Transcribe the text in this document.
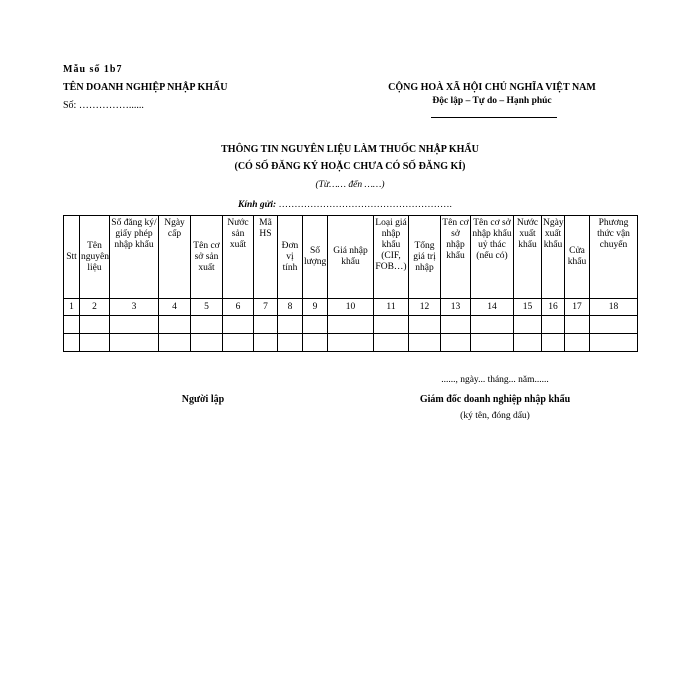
Mẫu số 1b7
TÊN DOANH NGHIỆP NHẬP KHẨU
Số: ……………......
CỘNG HOÀ XÃ HỘI CHỦ NGHĨA VIỆT NAM
Độc lập – Tự do – Hạnh phúc
THÔNG TIN NGUYÊN LIỆU LÀM THUỐC NHẬP KHẨU
(CÓ SỐ ĐĂNG KÝ HOẶC CHƯA CÓ SỐ ĐĂNG KÍ)
(Từ…… đến ……)
Kính gửi: ……………………………………………….
Stt	Tên nguyên liệu	Số đăng ký/ giấy phép nhập khẩu	Ngày cấp	Tên cơ sở sản xuất	Nước sản xuất	Mã HS	Đơn vị tính	Số lượng	Giá nhập khẩu	Loại giá nhập khẩu (CIF, FOB…)	Tổng giá trị nhập	Tên cơ sở nhập khẩu	Tên cơ sở nhập khẩu uỷ thác (nếu có)	Nước xuất khẩu	Ngày xuất khẩu	Cửa khẩu	Phương thức vận chuyển
1	2	3	4	5	6	7	8	9	10	11	12	13	14	15	16	17	18

......, ngày... tháng... năm......
Người lập	Giám đốc doanh nghiệp nhập khẩu
(ký tên, đóng dấu)
